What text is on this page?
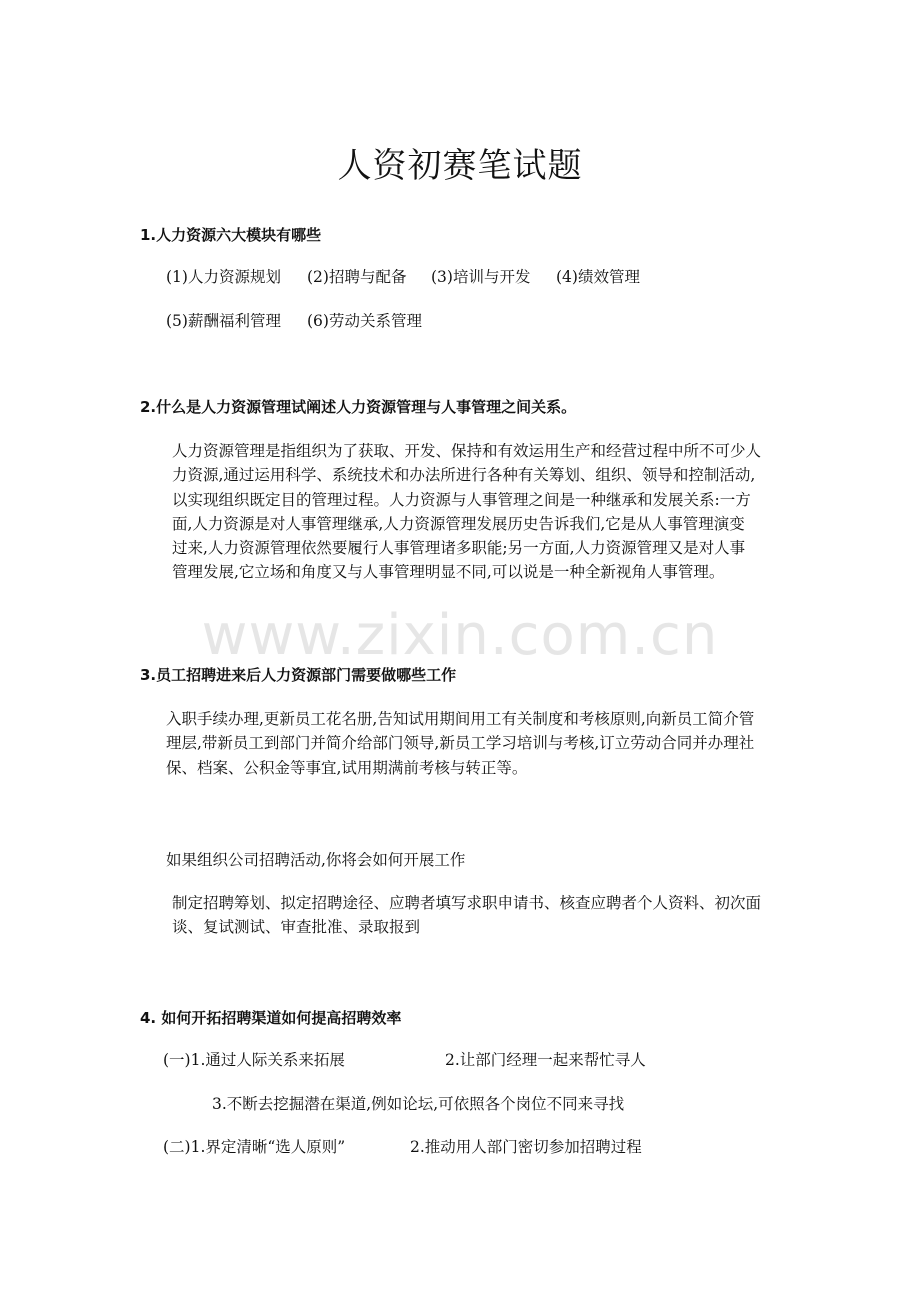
www.zixin.com.cn
人资初赛笔试题
1.人力资源六大模块有哪些
(1)人力资源规划 (2)招聘与配备 (3)培训与开发 (4)绩效管理
(5)薪酬福利管理 (6)劳动关系管理
2.什么是人力资源管理试阐述人力资源管理与人事管理之间关系。
人力资源管理是指组织为了获取、开发、保持和有效运用生产和经营过程中所不可少人
力资源,通过运用科学、系统技术和办法所进行各种有关筹划、组织、领导和控制活动,
以实现组织既定目的管理过程。人力资源与人事管理之间是一种继承和发展关系:一方
面,人力资源是对人事管理继承,人力资源管理发展历史告诉我们,它是从人事管理演变
过来,人力资源管理依然要履行人事管理诸多职能;另一方面,人力资源管理又是对人事
管理发展,它立场和角度又与人事管理明显不同,可以说是一种全新视角人事管理。
3.员工招聘进来后人力资源部门需要做哪些工作
入职手续办理,更新员工花名册,告知试用期间用工有关制度和考核原则,向新员工简介管
理层,带新员工到部门并简介给部门领导,新员工学习培训与考核,订立劳动合同并办理社
保、档案、公积金等事宜,试用期满前考核与转正等。
如果组织公司招聘活动,你将会如何开展工作
制定招聘筹划、拟定招聘途径、应聘者填写求职申请书、核查应聘者个人资料、初次面
谈、复试测试、审查批准、录取报到
4. 如何开拓招聘渠道如何提高招聘效率
(一)1.通过人际关系来拓展	2.让部门经理一起来帮忙寻人
3.不断去挖掘潜在渠道,例如论坛,可依照各个岗位不同来寻找
(二)1.界定清晰“选人原则”	2.推动用人部门密切参加招聘过程
